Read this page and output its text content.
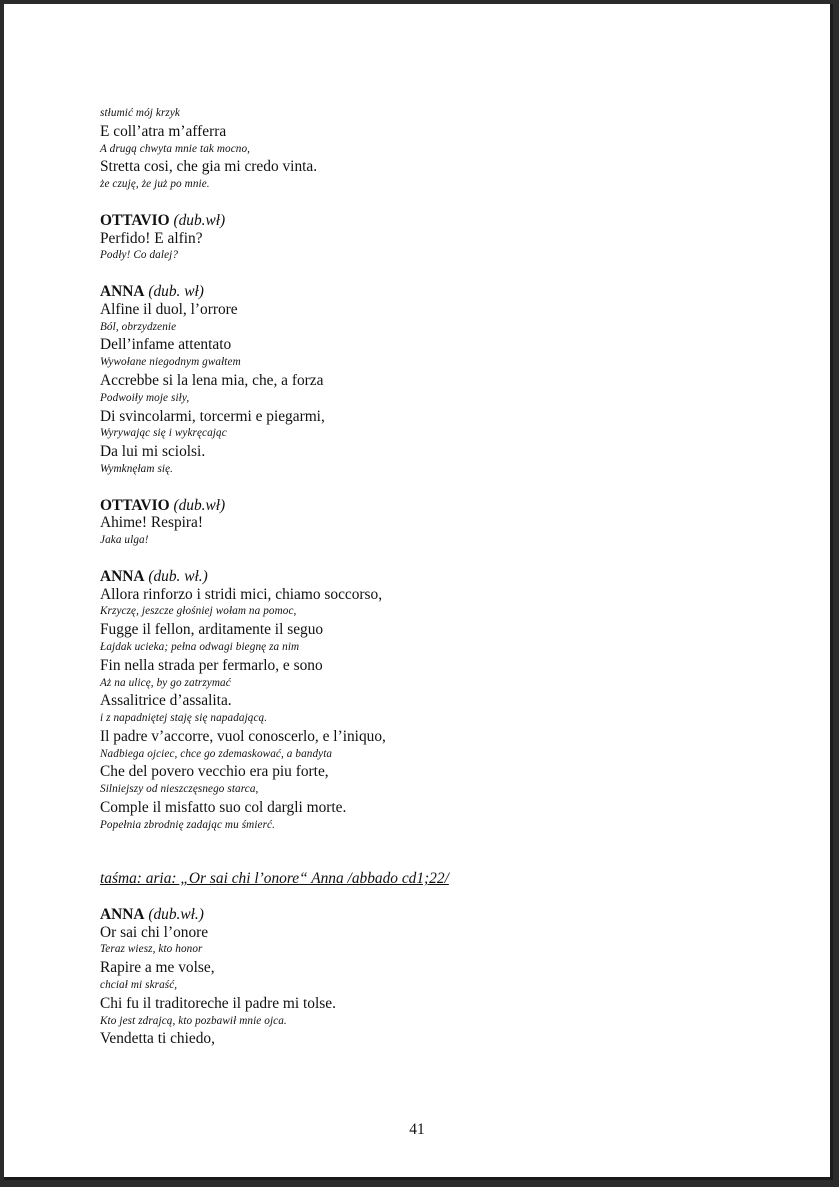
stłumić mój krzyk
E coll’atra m’afferra
A drugą chwyta mnie tak mocno,
Stretta cosi, che gia mi credo vinta.
że czuję, że już po mnie.
OTTAVIO (dub.wł)
Perfido! E alfin?
Podły! Co dalej?
ANNA (dub. wł)
Alfine il duol, l’orrore
Ból, obrzydzenie
Dell’infame attentato
Wywołane niegodnym gwałtem
Accrebbe si la lena mia, che, a forza
Podwoiły moje siły,
Di svincolarmi, torcermi e piegarmi,
Wyrywając się i wykręcając
Da lui mi sciolsi.
Wymknęłam się.
OTTAVIO (dub.wł)
Ahime! Respira!
Jaka ulga!
ANNA (dub. wł.)
Allora rinforzo i stridi mici, chiamo soccorso,
Krzyczę, jeszcze głośniej wołam na pomoc,
Fugge il fellon, arditamente il seguo
Łajdak ucieka; pełna odwagi biegnę za nim
Fin nella strada per fermarlo, e sono
Aż na ulicę, by go zatrzymać
Assalitrice d’assalita.
i z napadniętej staję się napadającą.
Il padre v’accorre, vuol conoscerlo, e l’iniquo,
Nadbiega ojciec, chce go zdemaskować, a bandyta
Che del povero vecchio era piu forte,
Silniejszy od nieszczęsnego starca,
Comple il misfatto suo col dargli morte.
Popełnia zbrodnię zadając mu śmierć.
taśma: aria: „Or sai chi l’onore“ Anna /abbado cd1;22/
ANNA (dub.wł.)
Or sai chi l’onore
Teraz wiesz, kto honor
Rapire a me volse,
chciał mi skraść,
Chi fu il traditoreche il padre mi tolse.
Kto jest zdrajcą, kto pozbawił mnie ojca.
Vendetta ti chiedo,
41
